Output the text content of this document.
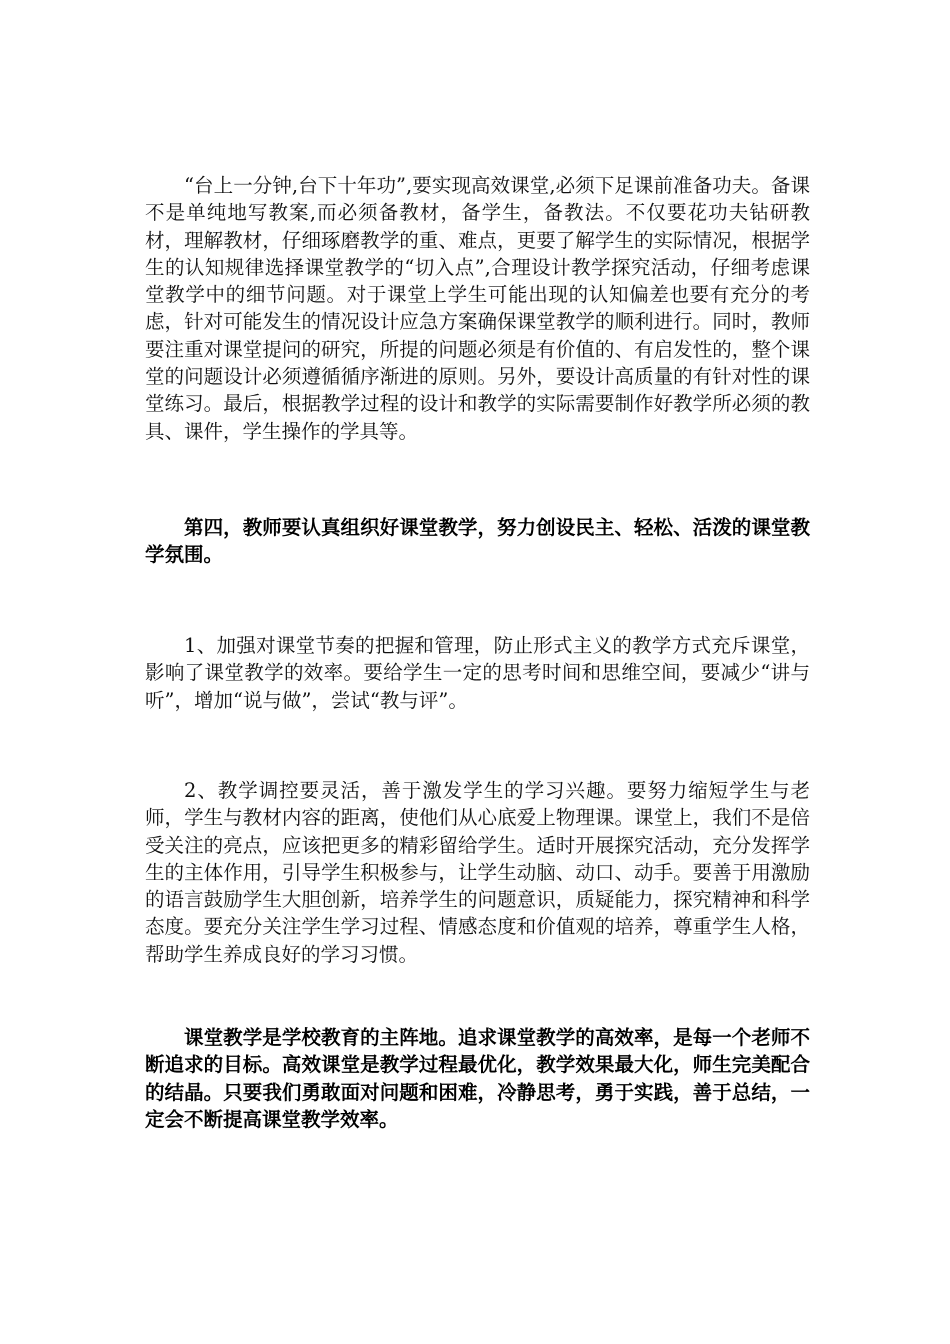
“台上一分钟,台下十年功”,要实现高效课堂,必须下足课前准备功夫。备课不是单纯地写教案,而必须备教材，备学生，备教法。不仅要花功夫钻研教材，理解教材，仔细琢磨教学的重、难点，更要了解学生的实际情况，根据学生的认知规律选择课堂教学的“切入点”,合理设计教学探究活动，仔细考虑课堂教学中的细节问题。对于课堂上学生可能出现的认知偏差也要有充分的考虑，针对可能发生的情况设计应急方案确保课堂教学的顺利进行。同时，教师要注重对课堂提问的研究，所提的问题必须是有价值的、有启发性的，整个课堂的问题设计必须遵循循序渐进的原则。另外，要设计高质量的有针对性的课堂练习。最后，根据教学过程的设计和教学的实际需要制作好教学所必须的教具、课件，学生操作的学具等。

第四，教师要认真组织好课堂教学，努力创设民主、轻松、活泼的课堂教学氛围。

1、加强对课堂节奏的把握和管理，防止形式主义的教学方式充斥课堂，影响了课堂教学的效率。要给学生一定的思考时间和思维空间，要减少“讲与听”，增加“说与做”，尝试“教与评”。

2、教学调控要灵活，善于激发学生的学习兴趣。要努力缩短学生与老师，学生与教材内容的距离，使他们从心底爱上物理课。课堂上，我们不是倍受关注的亮点，应该把更多的精彩留给学生。适时开展探究活动，充分发挥学生的主体作用，引导学生积极参与，让学生动脑、动口、动手。要善于用激励的语言鼓励学生大胆创新，培养学生的问题意识，质疑能力，探究精神和科学态度。要充分关注学生学习过程、情感态度和价值观的培养，尊重学生人格，帮助学生养成良好的学习习惯。

课堂教学是学校教育的主阵地。追求课堂教学的高效率，是每一个老师不断追求的目标。高效课堂是教学过程最优化，教学效果最大化，师生完美配合的结晶。只要我们勇敢面对问题和困难，冷静思考，勇于实践，善于总结，一定会不断提高课堂教学效率。
